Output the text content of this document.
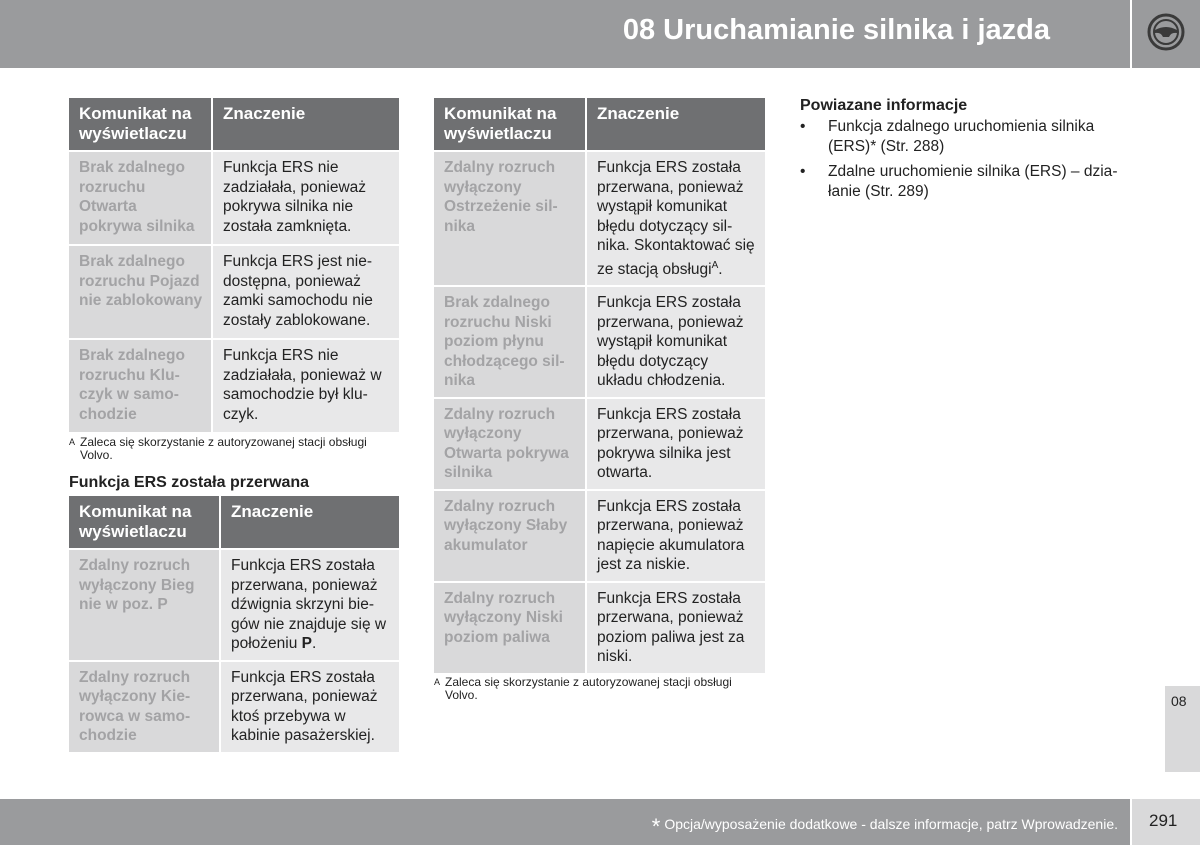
08 Uruchamianie silnika i jazda
Komunikat na wyświetlaczu	Znaczenie
Brak zdalnego rozruchu Otwarta pokrywa silnika	Funkcja ERS nie zadziałała, ponieważ pokrywa silnika nie została zamknięta.
Brak zdalnego rozruchu Pojazd nie zablokowany	Funkcja ERS jest niedostępna, ponieważ zamki samochodu nie zostały zablokowane.
Brak zdalnego rozruchu Kluczyk w samochodzie	Funkcja ERS nie zadziałała, ponieważ w samochodzie był kluczyk.
A Zaleca się skorzystanie z autoryzowanej stacji obsługi Volvo.
Funkcja ERS została przerwana
Komunikat na wyświetlaczu	Znaczenie
Zdalny rozruch wyłączony Bieg nie w poz. P	Funkcja ERS została przerwana, ponieważ dźwignia skrzyni biegów nie znajduje się w położeniu P.
Zdalny rozruch wyłączony Kierowca w samochodzie	Funkcja ERS została przerwana, ponieważ ktoś przebywa w kabinie pasażerskiej.
Komunikat na wyświetlaczu	Znaczenie
Zdalny rozruch wyłączony Ostrzeżenie silnika	Funkcja ERS została przerwana, ponieważ wystąpił komunikat błędu dotyczący silnika. Skontaktować się ze stacją obsługi$^A$.
Brak zdalnego rozruchu Niski poziom płynu chłodzącego silnika	Funkcja ERS została przerwana, ponieważ wystąpił komunikat błędu dotyczący układu chłodzenia.
Zdalny rozruch wyłączony Otwarta pokrywa silnika	Funkcja ERS została przerwana, ponieważ pokrywa silnika jest otwarta.
Zdalny rozruch wyłączony Słaby akumulator	Funkcja ERS została przerwana, ponieważ napięcie akumulatora jest za niskie.
Zdalny rozruch wyłączony Niski poziom paliwa	Funkcja ERS została przerwana, ponieważ poziom paliwa jest za niski.
A Zaleca się skorzystanie z autoryzowanej stacji obsługi Volvo.
Powiazane informacje
• Funkcja zdalnego uruchomienia silnika (ERS)* (Str. 288)
• Zdalne uruchomienie silnika (ERS) – działanie (Str. 289)
08
* Opcja/wyposażenie dodatkowe - dalsze informacje, patrz Wprowadzenie. 291
